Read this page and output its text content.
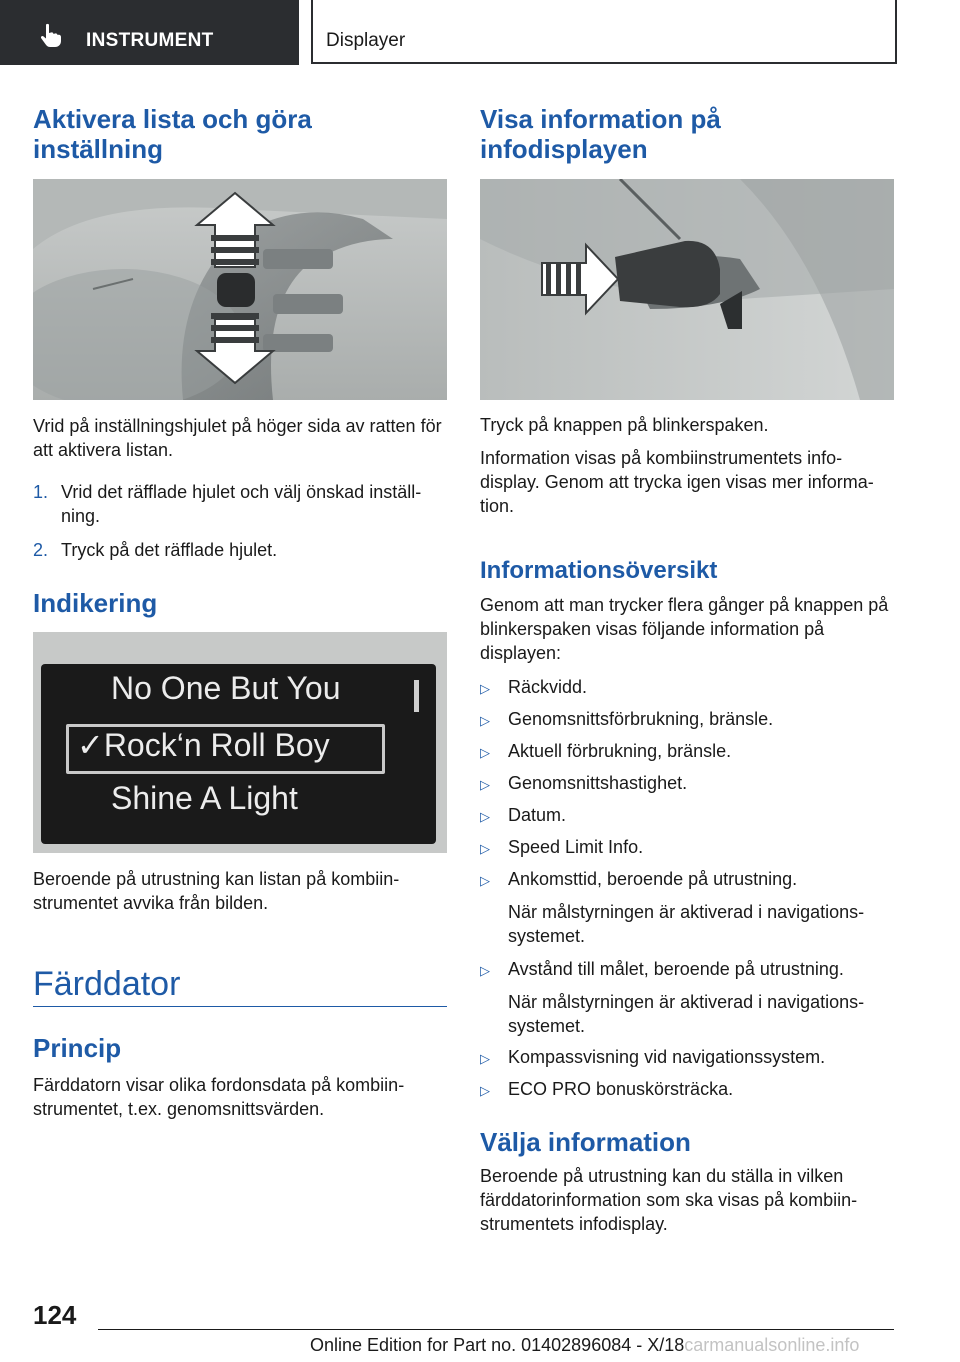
INSTRUMENT	Displayer
Aktivera lista och göra inställning

Vrid på inställningshjulet på höger sida av ratten för att aktivera listan.

1. Vrid det räfflade hjulet och välj önskad inställ-
ning.
2. Tryck på det räfflade hjulet.
Indikering
No One But You
✓Rock‘n Roll Boy
Shine A Light

Beroende på utrustning kan listan på kombiin- strumentet avvika från bilden.

Färddator
Princip

Färddatorn visar olika fordonsdata på kombiin- strumentet, t.ex. genomsnittsvärden.

Visa information på infodisplayen

Tryck på knappen på blinkerspaken.

Information visas på kombiinstrumentets info- display. Genom att trycka igen visas mer informa- tion.

Informationsöversikt

Genom att man trycker flera gånger på knappen på blinkerspaken visas följande information på displayen:

▷ Räckvidd.
▷ Genomsnittsförbrukning, bränsle.
▷ Aktuell förbrukning, bränsle.
▷ Genomsnittshastighet.
▷ Datum.
▷ Speed Limit Info.
▷ Ankomsttid, beroende på utrustning.
När målstyrningen är aktiverad i navigations- systemet.
▷ Avstånd till målet, beroende på utrustning.
När målstyrningen är aktiverad i navigations- systemet.
▷ Kompassvisning vid navigationssystem.
▷ ECO PRO bonuskörsträcka.
Välja information

Beroende på utrustning kan du ställa in vilken färddatorinformation som ska visas på kombiin- strumentets infodisplay.

124
Online Edition for Part no. 01402896084 - X/18carmanualsonline.info
